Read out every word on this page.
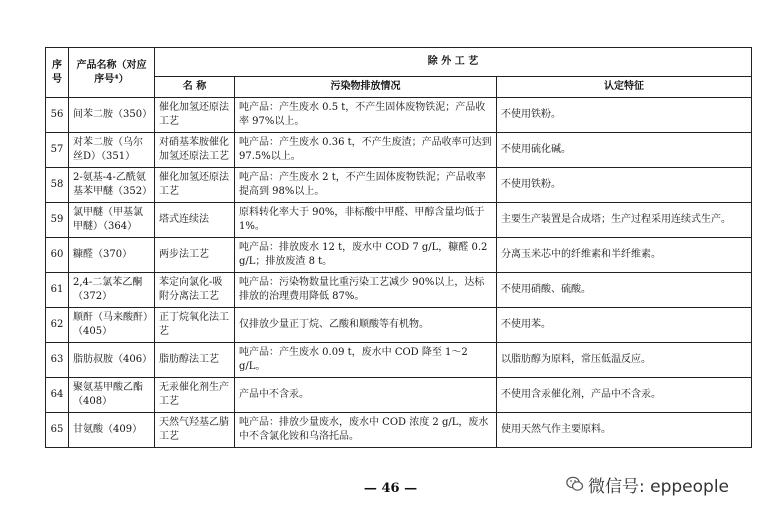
序号	产品名称（对应序号⁴）	除 外 工 艺		
		名 称	污染物排放情况	认定特征
56	间苯二胺（350）	催化加氢还原法工艺	吨产品：产生废水 0.5 t，不产生固体废物铁泥；产品收率 97%以上。	不使用铁粉。
57	对苯二胺（乌尔丝D）（351）	对硝基苯胺催化加氢还原法工艺	吨产品：产生废水 0.36 t，不产生废渣；产品收率可达到 97.5%以上。	不使用硫化碱。
58	2-氨基-4-乙酰氨基苯甲醚（352）	催化加氢还原法工艺	吨产品：产生废水 2 t，不产生固体废物铁泥；产品收率提高到 98%以上。	不使用铁粉。
59	氯甲醚（甲基氯甲醚）（364）	塔式连续法	原料转化率大于 90%，非标酸中甲醛、甲醇含量均低于 1%。	主要生产装置是合成塔；生产过程采用连续式生产。
60	糠醛（370）	两步法工艺	吨产品：排放废水 12 t，废水中 COD 7 g/L，糠醛 0.2 g/L；排放废渣 8 t。	分离玉米芯中的纤维素和半纤维素。
61	2,4-二氯苯乙酮（372）	苯定向氯化-吸附分离法工艺	吨产品：污染物数量比重污染工艺减少 90%以上，达标排放的治理费用降低 87%。	不使用硝酸、硫酸。
62	顺酐（马来酸酐）（405）	正丁烷氧化法工艺	仅排放少量正丁烷、乙酸和顺酸等有机物。	不使用苯。
63	脂肪叔胺（406）	脂肪醇法工艺	吨产品：产生废水 0.09 t，废水中 COD 降至 1～2 g/L。	以脂肪醇为原料，常压低温反应。
64	聚氨基甲酸乙酯（408）	无汞催化剂生产工艺	产品中不含汞。	不使用含汞催化剂，产品中不含汞。
65	甘氨酸（409）	天然气羟基乙腈工艺	吨产品：排放少量废水，废水中 COD 浓度 2 g/L，废水中不含氯化铵和乌洛托品。	使用天然气作主要原料。
— 46 —	微信号: eppeople
